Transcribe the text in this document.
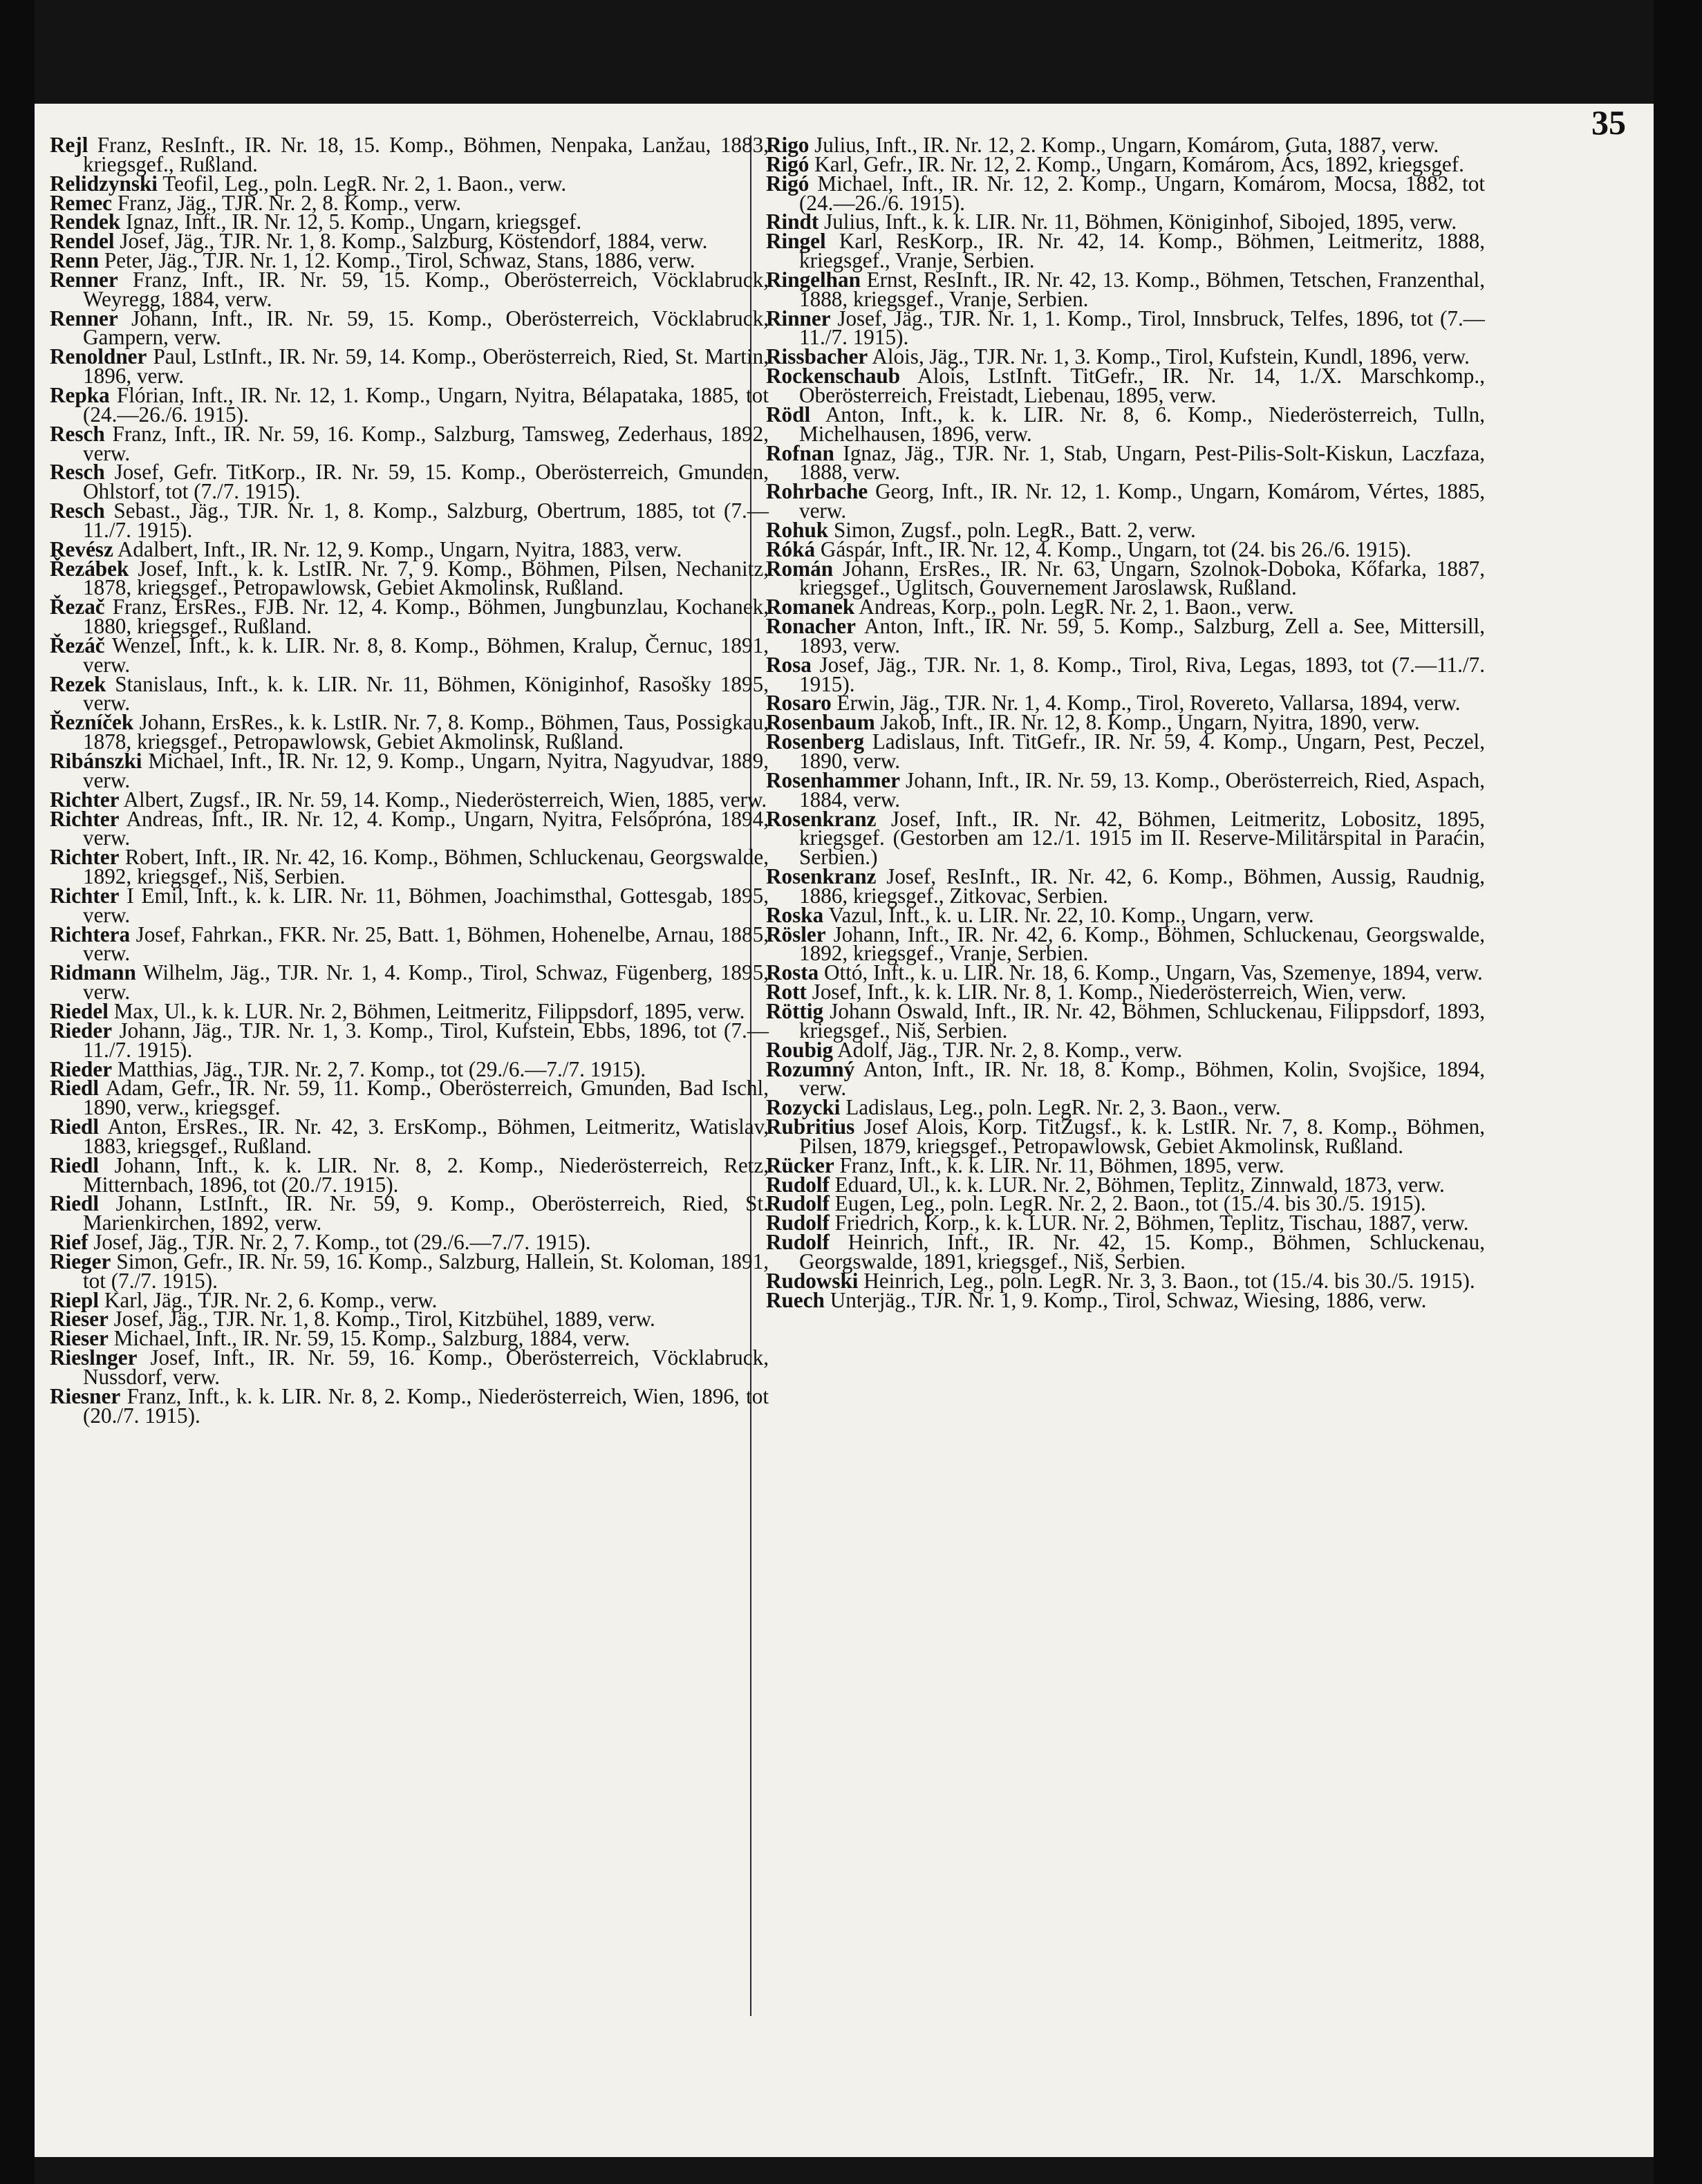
35

Rejl Franz, ResInft., IR. Nr. 18, 15. Komp., Böhmen, Nenpaka, Lanžau, 1883, kriegsgef., Rußland.

Relidzynski Teofil, Leg., poln. LegR. Nr. 2, 1. Baon., verw.

Remec Franz, Jäg., TJR. Nr. 2, 8. Komp., verw.

Rendek Ignaz, Inft., IR. Nr. 12, 5. Komp., Ungarn, kriegsgef.

Rendel Josef, Jäg., TJR. Nr. 1, 8. Komp., Salzburg, Köstendorf, 1884, verw.

Renn Peter, Jäg., TJR. Nr. 1, 12. Komp., Tirol, Schwaz, Stans, 1886, verw.

Renner Franz, Inft., IR. Nr. 59, 15. Komp., Oberösterreich, Vöcklabruck, Weyregg, 1884, verw.

Renner Johann, Inft., IR. Nr. 59, 15. Komp., Oberösterreich, Vöcklabruck, Gampern, verw.

Renoldner Paul, LstInft., IR. Nr. 59, 14. Komp., Oberösterreich, Ried, St. Martin, 1896, verw.

Repka Flórian, Inft., IR. Nr. 12, 1. Komp., Ungarn, Nyitra, Bélapataka, 1885, tot (24.—26./6. 1915).

Resch Franz, Inft., IR. Nr. 59, 16. Komp., Salzburg, Tamsweg, Zederhaus, 1892, verw.

Resch Josef, Gefr. TitKorp., IR. Nr. 59, 15. Komp., Oberösterreich, Gmunden, Ohlstorf, tot (7./7. 1915).

Resch Sebast., Jäg., TJR. Nr. 1, 8. Komp., Salzburg, Obertrum, 1885, tot (7.—11./7. 1915).

Revész Adalbert, Inft., IR. Nr. 12, 9. Komp., Ungarn, Nyitra, 1883, verw.

Řezábek Josef, Inft., k. k. LstIR. Nr. 7, 9. Komp., Böhmen, Pilsen, Nechanitz, 1878, kriegsgef., Petropawlowsk, Gebiet Akmolinsk, Rußland.

Řezač Franz, ErsRes., FJB. Nr. 12, 4. Komp., Böhmen, Jungbunzlau, Kochanek, 1880, kriegsgef., Rußland.

Řezáč Wenzel, Inft., k. k. LIR. Nr. 8, 8. Komp., Böhmen, Kralup, Černuc, 1891, verw.

Rezek Stanislaus, Inft., k. k. LIR. Nr. 11, Böhmen, Königinhof, Rasošky 1895, verw.

Řezníček Johann, ErsRes., k. k. LstIR. Nr. 7, 8. Komp., Böhmen, Taus, Possigkau, 1878, kriegsgef., Petropawlowsk, Gebiet Akmolinsk, Rußland.

Ribánszki Michael, Inft., IR. Nr. 12, 9. Komp., Ungarn, Nyitra, Nagyudvar, 1889, verw.

Richter Albert, Zugsf., IR. Nr. 59, 14. Komp., Niederösterreich, Wien, 1885, verw.

Richter Andreas, Inft., IR. Nr. 12, 4. Komp., Ungarn, Nyitra, Felsőpróna, 1894, verw.

Richter Robert, Inft., IR. Nr. 42, 16. Komp., Böhmen, Schluckenau, Georgswalde, 1892, kriegsgef., Niš, Serbien.

Richter I Emil, Inft., k. k. LIR. Nr. 11, Böhmen, Joachimsthal, Gottesgab, 1895, verw.

Richtera Josef, Fahrkan., FKR. Nr. 25, Batt. 1, Böhmen, Hohenelbe, Arnau, 1885, verw.

Ridmann Wilhelm, Jäg., TJR. Nr. 1, 4. Komp., Tirol, Schwaz, Fügenberg, 1895, verw.

Riedel Max, Ul., k. k. LUR. Nr. 2, Böhmen, Leitmeritz, Filippsdorf, 1895, verw.

Rieder Johann, Jäg., TJR. Nr. 1, 3. Komp., Tirol, Kufstein, Ebbs, 1896, tot (7.—11./7. 1915).

Rieder Matthias, Jäg., TJR. Nr. 2, 7. Komp., tot (29./6.—7./7. 1915).

Riedl Adam, Gefr., IR. Nr. 59, 11. Komp., Oberösterreich, Gmunden, Bad Ischl, 1890, verw., kriegsgef.

Riedl Anton, ErsRes., IR. Nr. 42, 3. ErsKomp., Böhmen, Leitmeritz, Watislav, 1883, kriegsgef., Rußland.

Riedl Johann, Inft., k. k. LIR. Nr. 8, 2. Komp., Niederösterreich, Retz, Mitternbach, 1896, tot (20./7. 1915).

Riedl Johann, LstInft., IR. Nr. 59, 9. Komp., Oberösterreich, Ried, St. Marienkirchen, 1892, verw.

Rief Josef, Jäg., TJR. Nr. 2, 7. Komp., tot (29./6.—7./7. 1915).

Rieger Simon, Gefr., IR. Nr. 59, 16. Komp., Salzburg, Hallein, St. Koloman, 1891, tot (7./7. 1915).

Riepl Karl, Jäg., TJR. Nr. 2, 6. Komp., verw.

Rieser Josef, Jäg., TJR. Nr. 1, 8. Komp., Tirol, Kitzbühel, 1889, verw.

Rieser Michael, Inft., IR. Nr. 59, 15. Komp., Salzburg, 1884, verw.

Rieslnger Josef, Inft., IR. Nr. 59, 16. Komp., Oberösterreich, Vöcklabruck, Nussdorf, verw.

Riesner Franz, Inft., k. k. LIR. Nr. 8, 2. Komp., Niederösterreich, Wien, 1896, tot (20./7. 1915).

Rigo Julius, Inft., IR. Nr. 12, 2. Komp., Ungarn, Komárom, Guta, 1887, verw.

Rigó Karl, Gefr., IR. Nr. 12, 2. Komp., Ungarn, Komárom, Ács, 1892, kriegsgef.

Rigó Michael, Inft., IR. Nr. 12, 2. Komp., Ungarn, Komárom, Mocsa, 1882, tot (24.—26./6. 1915).

Rindt Julius, Inft., k. k. LIR. Nr. 11, Böhmen, Königinhof, Sibojed, 1895, verw.

Ringel Karl, ResKorp., IR. Nr. 42, 14. Komp., Böhmen, Leitmeritz, 1888, kriegsgef., Vranje, Serbien.

Ringelhan Ernst, ResInft., IR. Nr. 42, 13. Komp., Böhmen, Tetschen, Franzenthal, 1888, kriegsgef., Vranje, Serbien.

Rinner Josef, Jäg., TJR. Nr. 1, 1. Komp., Tirol, Innsbruck, Telfes, 1896, tot (7.—11./7. 1915).

Rissbacher Alois, Jäg., TJR. Nr. 1, 3. Komp., Tirol, Kufstein, Kundl, 1896, verw.

Rockenschaub Alois, LstInft. TitGefr., IR. Nr. 14, 1./X. Marschkomp., Oberösterreich, Freistadt, Liebenau, 1895, verw.

Rödl Anton, Inft., k. k. LIR. Nr. 8, 6. Komp., Niederösterreich, Tulln, Michelhausen, 1896, verw.

Rofnan Ignaz, Jäg., TJR. Nr. 1, Stab, Ungarn, Pest-Pilis-Solt-Kiskun, Laczfaza, 1888, verw.

Rohrbache Georg, Inft., IR. Nr. 12, 1. Komp., Ungarn, Komárom, Vértes, 1885, verw.

Rohuk Simon, Zugsf., poln. LegR., Batt. 2, verw.

Róká Gáspár, Inft., IR. Nr. 12, 4. Komp., Ungarn, tot (24. bis 26./6. 1915).

Román Johann, ErsRes., IR. Nr. 63, Ungarn, Szolnok-Doboka, Kőfarka, 1887, kriegsgef., Uglitsch, Gouvernement Jaroslawsk, Rußland.

Romanek Andreas, Korp., poln. LegR. Nr. 2, 1. Baon., verw.

Ronacher Anton, Inft., IR. Nr. 59, 5. Komp., Salzburg, Zell a. See, Mittersill, 1893, verw.

Rosa Josef, Jäg., TJR. Nr. 1, 8. Komp., Tirol, Riva, Legas, 1893, tot (7.—11./7. 1915).

Rosaro Erwin, Jäg., TJR. Nr. 1, 4. Komp., Tirol, Rovereto, Vallarsa, 1894, verw.

Rosenbaum Jakob, Inft., IR. Nr. 12, 8. Komp., Ungarn, Nyitra, 1890, verw.

Rosenberg Ladislaus, Inft. TitGefr., IR. Nr. 59, 4. Komp., Ungarn, Pest, Peczel, 1890, verw.

Rosenhammer Johann, Inft., IR. Nr. 59, 13. Komp., Oberösterreich, Ried, Aspach, 1884, verw.

Rosenkranz Josef, Inft., IR. Nr. 42, Böhmen, Leitmeritz, Lobositz, 1895, kriegsgef. (Gestorben am 12./1. 1915 im II. Reserve-Militärspital in Paraćin, Serbien.)

Rosenkranz Josef, ResInft., IR. Nr. 42, 6. Komp., Böhmen, Aussig, Raudnig, 1886, kriegsgef., Zitkovac, Serbien.

Roska Vazul, Inft., k. u. LIR. Nr. 22, 10. Komp., Ungarn, verw.

Rösler Johann, Inft., IR. Nr. 42, 6. Komp., Böhmen, Schluckenau, Georgswalde, 1892, kriegsgef., Vranje, Serbien.

Rosta Ottó, Inft., k. u. LIR. Nr. 18, 6. Komp., Ungarn, Vas, Szemenye, 1894, verw.

Rott Josef, Inft., k. k. LIR. Nr. 8, 1. Komp., Niederösterreich, Wien, verw.

Röttig Johann Oswald, Inft., IR. Nr. 42, Böhmen, Schluckenau, Filippsdorf, 1893, kriegsgef., Niš, Serbien.

Roubig Adolf, Jäg., TJR. Nr. 2, 8. Komp., verw.

Rozumný Anton, Inft., IR. Nr. 18, 8. Komp., Böhmen, Kolin, Svojšice, 1894, verw.

Rozycki Ladislaus, Leg., poln. LegR. Nr. 2, 3. Baon., verw.

Rubritius Josef Alois, Korp. TitZugsf., k. k. LstIR. Nr. 7, 8. Komp., Böhmen, Pilsen, 1879, kriegsgef., Petropawlowsk, Gebiet Akmolinsk, Rußland.

Rücker Franz, Inft., k. k. LIR. Nr. 11, Böhmen, 1895, verw.

Rudolf Eduard, Ul., k. k. LUR. Nr. 2, Böhmen, Teplitz, Zinnwald, 1873, verw.

Rudolf Eugen, Leg., poln. LegR. Nr. 2, 2. Baon., tot (15./4. bis 30./5. 1915).

Rudolf Friedrich, Korp., k. k. LUR. Nr. 2, Böhmen, Teplitz, Tischau, 1887, verw.

Rudolf Heinrich, Inft., IR. Nr. 42, 15. Komp., Böhmen, Schluckenau, Georgswalde, 1891, kriegsgef., Niš, Serbien.

Rudowski Heinrich, Leg., poln. LegR. Nr. 3, 3. Baon., tot (15./4. bis 30./5. 1915).

Ruech Unterjäg., TJR. Nr. 1, 9. Komp., Tirol, Schwaz, Wiesing, 1886, verw.
